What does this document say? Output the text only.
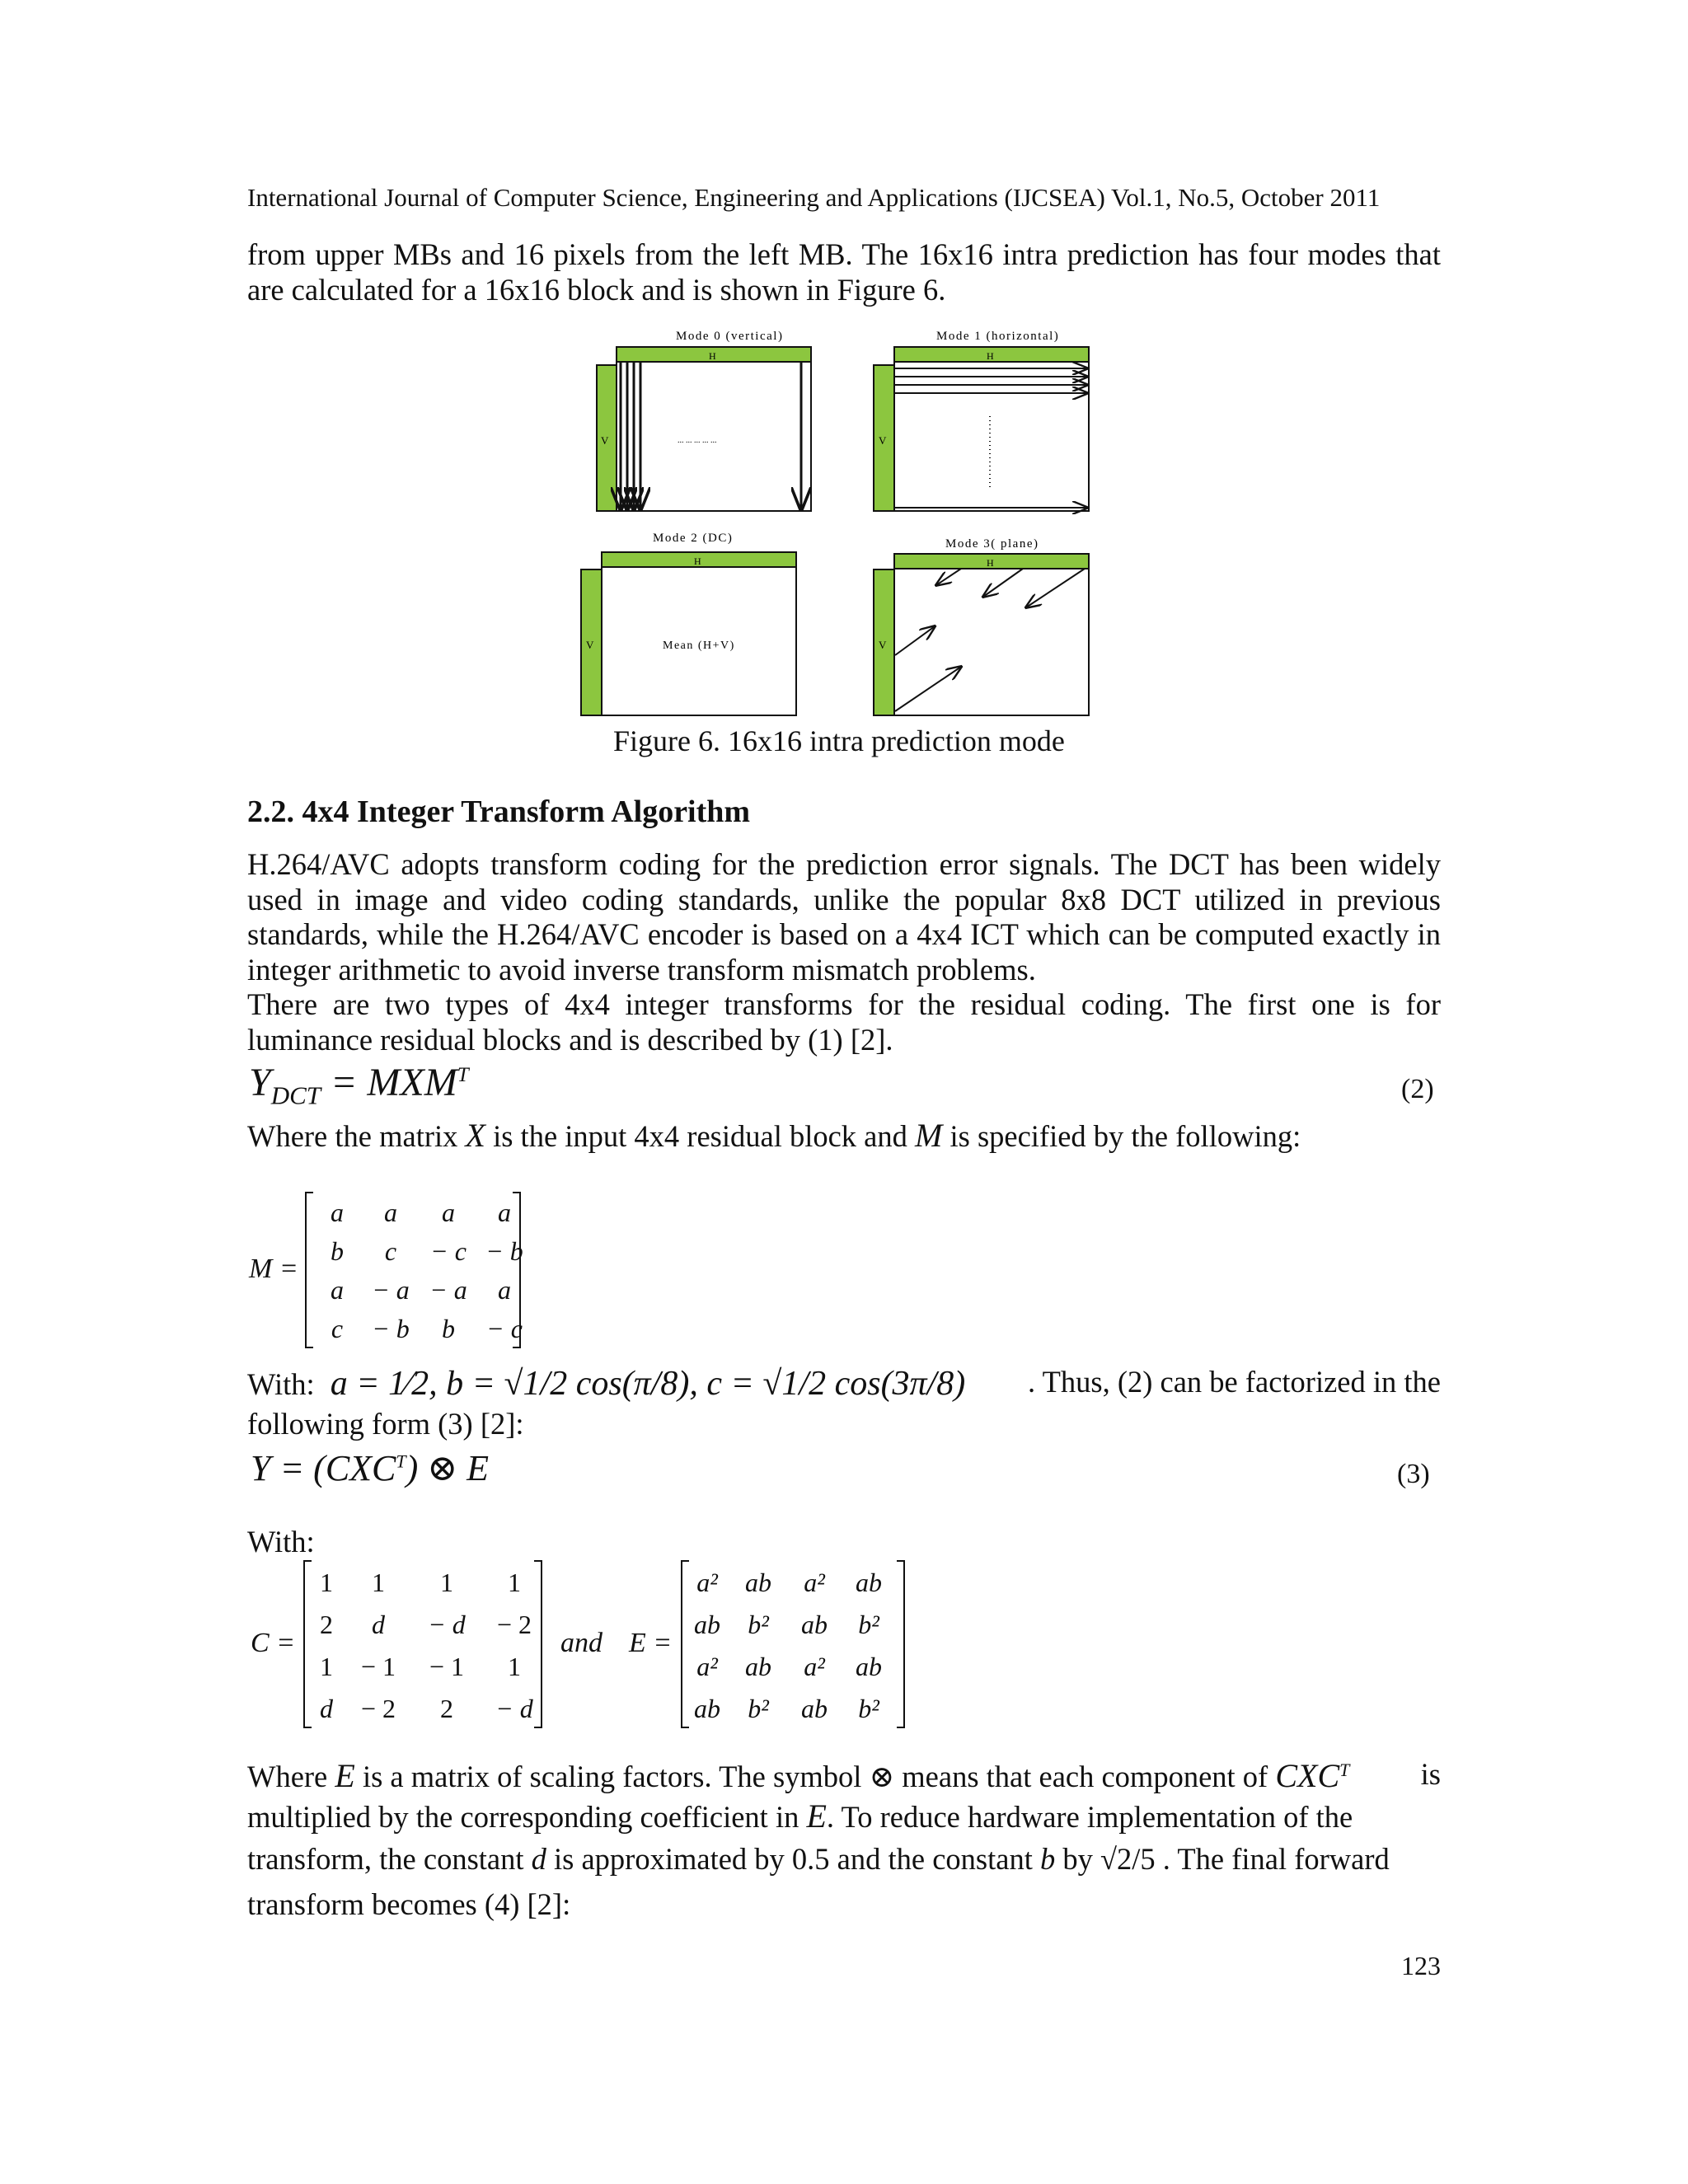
International Journal of Computer Science, Engineering and Applications (IJCSEA) Vol.1, No.5, October 2011

from upper MBs and 16 pixels from the left MB. The 16x16 intra prediction has four modes that are calculated for a 16x16 block and is shown in Figure 6.

Mode 0 (vertical)
H
V	... ... ... ... ...
Mode 1 (horizontal)
H
V
Mode 2 (DC)
H
V	Mean (H+V)
Mode 3( plane)
H
V
Figure 6. 16x16 intra prediction mode
2.2. 4x4 Integer Transform Algorithm

H.264/AVC adopts transform coding for the prediction error signals. The DCT has been widely used in image and video coding standards, unlike the popular 8x8 DCT utilized in previous standards, while the H.264/AVC encoder is based on a 4x4 ICT which can be computed exactly in integer arithmetic to avoid inverse transform mismatch problems.

There are two types of 4x4 integer transforms for the residual coding. The first one is for luminance residual blocks and is described by (1) [2].

$Y_{DCT} = MXM^T$	(2)
Where the matrix X is the input 4x4 residual block and M is specified by the following:
M =
a	a	a	a
b	c	− c	− b
a	− a	− a	a
c	− b	b	− c
With: a = 1⁄2, b = √1/2 cos(π/8), c = √1/2 cos(3π/8) . Thus, (2) can be factorized in the
following form (3) [2]:
$Y = (CXC^T)$ ⊗ E	(3)
With:
C =
1	1	1	1
2	d	− d	− 2
1	− 1	− 1	1
d	− 2	2	− d
and E =
a²	ab	a²	ab
ab	b²	ab	b²
a²	ab	a²	ab
ab	b²	ab	b²
Where E is a matrix of scaling factors. The symbol ⊗ means that each component of $CXC^T$ is
multiplied by the corresponding coefficient in E. To reduce hardware implementation of the
transform, the constant d is approximated by 0.5 and the constant b by √2/5 . The final forward
transform becomes (4) [2]:
123
